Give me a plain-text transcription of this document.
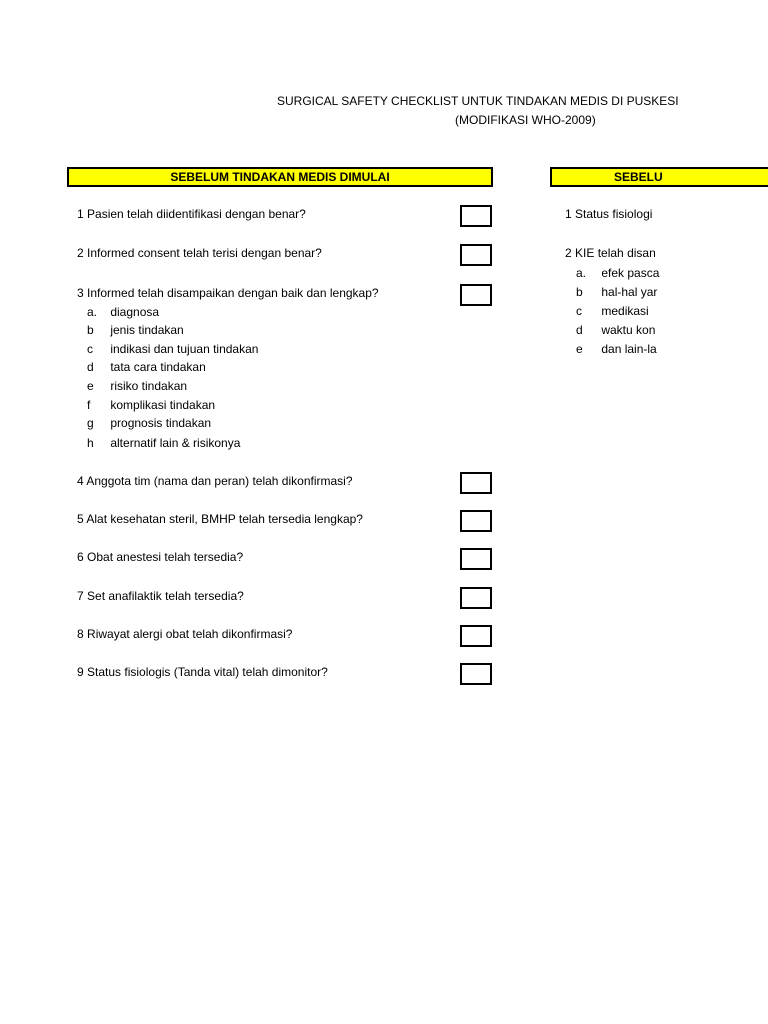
SURGICAL SAFETY CHECKLIST UNTUK TINDAKAN MEDIS DI PUSKESI
(MODIFIKASI WHO-2009)
SEBELUM TINDAKAN MEDIS DIMULAI	SEBELU
1 Pasien telah diidentifikasi dengan benar?
2 Informed consent telah terisi dengan benar?
3 Informed telah disampaikan dengan baik dan lengkap?
a. diagnosa
b jenis tindakan
c indikasi dan tujuan tindakan
d tata cara tindakan
e risiko tindakan
f komplikasi tindakan
g prognosis tindakan
h alternatif lain & risikonya
4 Anggota tim (nama dan peran) telah dikonfirmasi?
5 Alat kesehatan steril, BMHP telah tersedia lengkap?
6 Obat anestesi telah tersedia?
7 Set anafilaktik telah tersedia?
8 Riwayat alergi obat telah dikonfirmasi?
9 Status fisiologis (Tanda vital) telah dimonitor?
1 Status fisiologi
2 KIE telah disan
a. efek pasca
b hal-hal yar
c medikasi
d waktu kon
e dan lain-la
